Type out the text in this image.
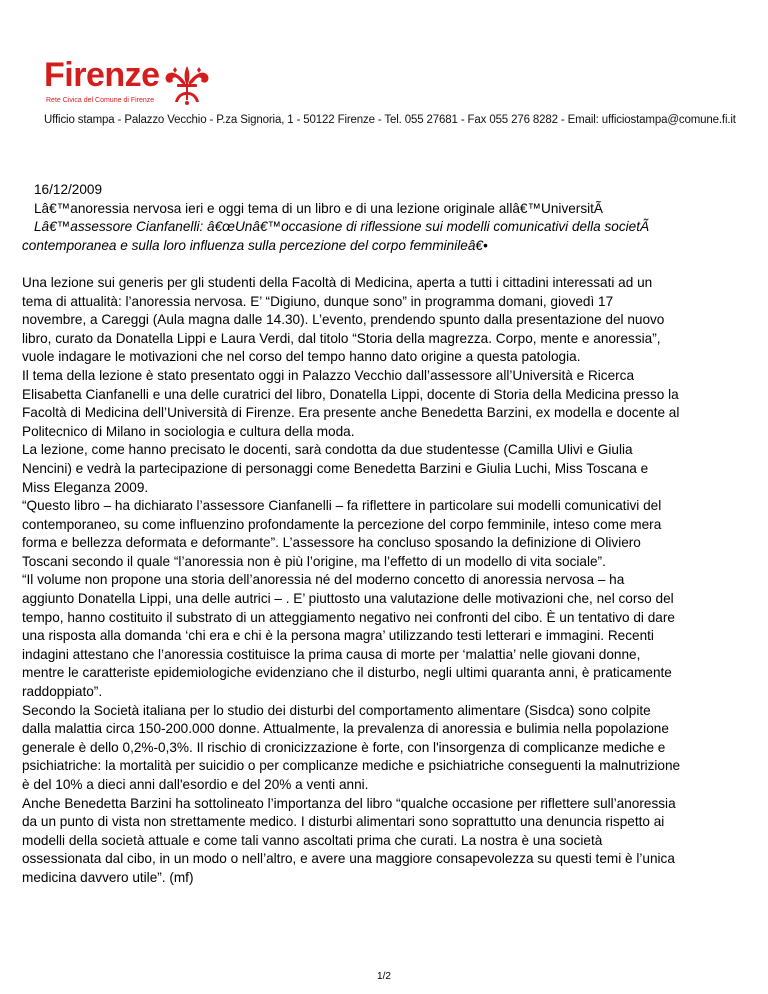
Firenze
Rete Civica del Comune di Firenze
Ufficio stampa - Palazzo Vecchio - P.za Signoria, 1 - 50122 Firenze - Tel. 055 27681 - Fax 055 276 8282 - Email: ufficiostampa@comune.fi.it

16/12/2009

Lâ€™anoressia nervosa ieri e oggi tema di un libro e di una lezione originale allâ€™UniversitÃ

Lâ€™assessore Cianfanelli: â€œUnâ€™occasione di riflessione sui modelli comunicativi della societÃ

contemporanea e sulla loro influenza sulla percezione del corpo femminileâ€•

Una lezione sui generis per gli studenti della Facoltà di Medicina, aperta a tutti i cittadini interessati ad un
tema di attualità: l’anoressia nervosa. E’ “Digiuno, dunque sono” in programma domani, giovedì 17
novembre, a Careggi (Aula magna dalle 14.30). L’evento, prendendo spunto dalla presentazione del nuovo
libro, curato da Donatella Lippi e Laura Verdi, dal titolo “Storia della magrezza. Corpo, mente e anoressia”,
vuole indagare le motivazioni che nel corso del tempo hanno dato origine a questa patologia.
Il tema della lezione è stato presentato oggi in Palazzo Vecchio dall’assessore all’Università e Ricerca
Elisabetta Cianfanelli e una delle curatrici del libro, Donatella Lippi, docente di Storia della Medicina presso la
Facoltà di Medicina dell’Università di Firenze. Era presente anche Benedetta Barzini, ex modella e docente al
Politecnico di Milano in sociologia e cultura della moda.
La lezione, come hanno precisato le docenti, sarà condotta da due studentesse (Camilla Ulivi e Giulia
Nencini) e vedrà la partecipazione di personaggi come Benedetta Barzini e Giulia Luchi, Miss Toscana e
Miss Eleganza 2009.
“Questo libro – ha dichiarato l’assessore Cianfanelli – fa riflettere in particolare sui modelli comunicativi del
contemporaneo, su come influenzino profondamente la percezione del corpo femminile, inteso come mera
forma e bellezza deformata e deformante”. L’assessore ha concluso sposando la definizione di Oliviero
Toscani secondo il quale “l’anoressia non è più l’origine, ma l’effetto di un modello di vita sociale”.
“Il volume non propone una storia dell’anoressia né del moderno concetto di anoressia nervosa – ha
aggiunto Donatella Lippi, una delle autrici – . E’ piuttosto una valutazione delle motivazioni che, nel corso del
tempo, hanno costituito il substrato di un atteggiamento negativo nei confronti del cibo. È un tentativo di dare
una risposta alla domanda ‘chi era e chi è la persona magra’ utilizzando testi letterari e immagini. Recenti
indagini attestano che l’anoressia costituisce la prima causa di morte per ‘malattia’ nelle giovani donne,
mentre le caratteriste epidemiologiche evidenziano che il disturbo, negli ultimi quaranta anni, è praticamente
raddoppiato”.
Secondo la Società italiana per lo studio dei disturbi del comportamento alimentare (Sisdca) sono colpite
dalla malattia circa 150-200.000 donne. Attualmente, la prevalenza di anoressia e bulimia nella popolazione
generale è dello 0,2%-0,3%. Il rischio di cronicizzazione è forte, con l'insorgenza di complicanze mediche e
psichiatriche: la mortalità per suicidio o per complicanze mediche e psichiatriche conseguenti la malnutrizione
è del 10% a dieci anni dall'esordio e del 20% a venti anni.
Anche Benedetta Barzini ha sottolineato l’importanza del libro “qualche occasione per riflettere sull’anoressia
da un punto di vista non strettamente medico. I disturbi alimentari sono soprattutto una denuncia rispetto ai
modelli della società attuale e come tali vanno ascoltati prima che curati. La nostra è una società
ossessionata dal cibo, in un modo o nell’altro, e avere una maggiore consapevolezza su questi temi è l’unica
medicina davvero utile”. (mf)

1/2
